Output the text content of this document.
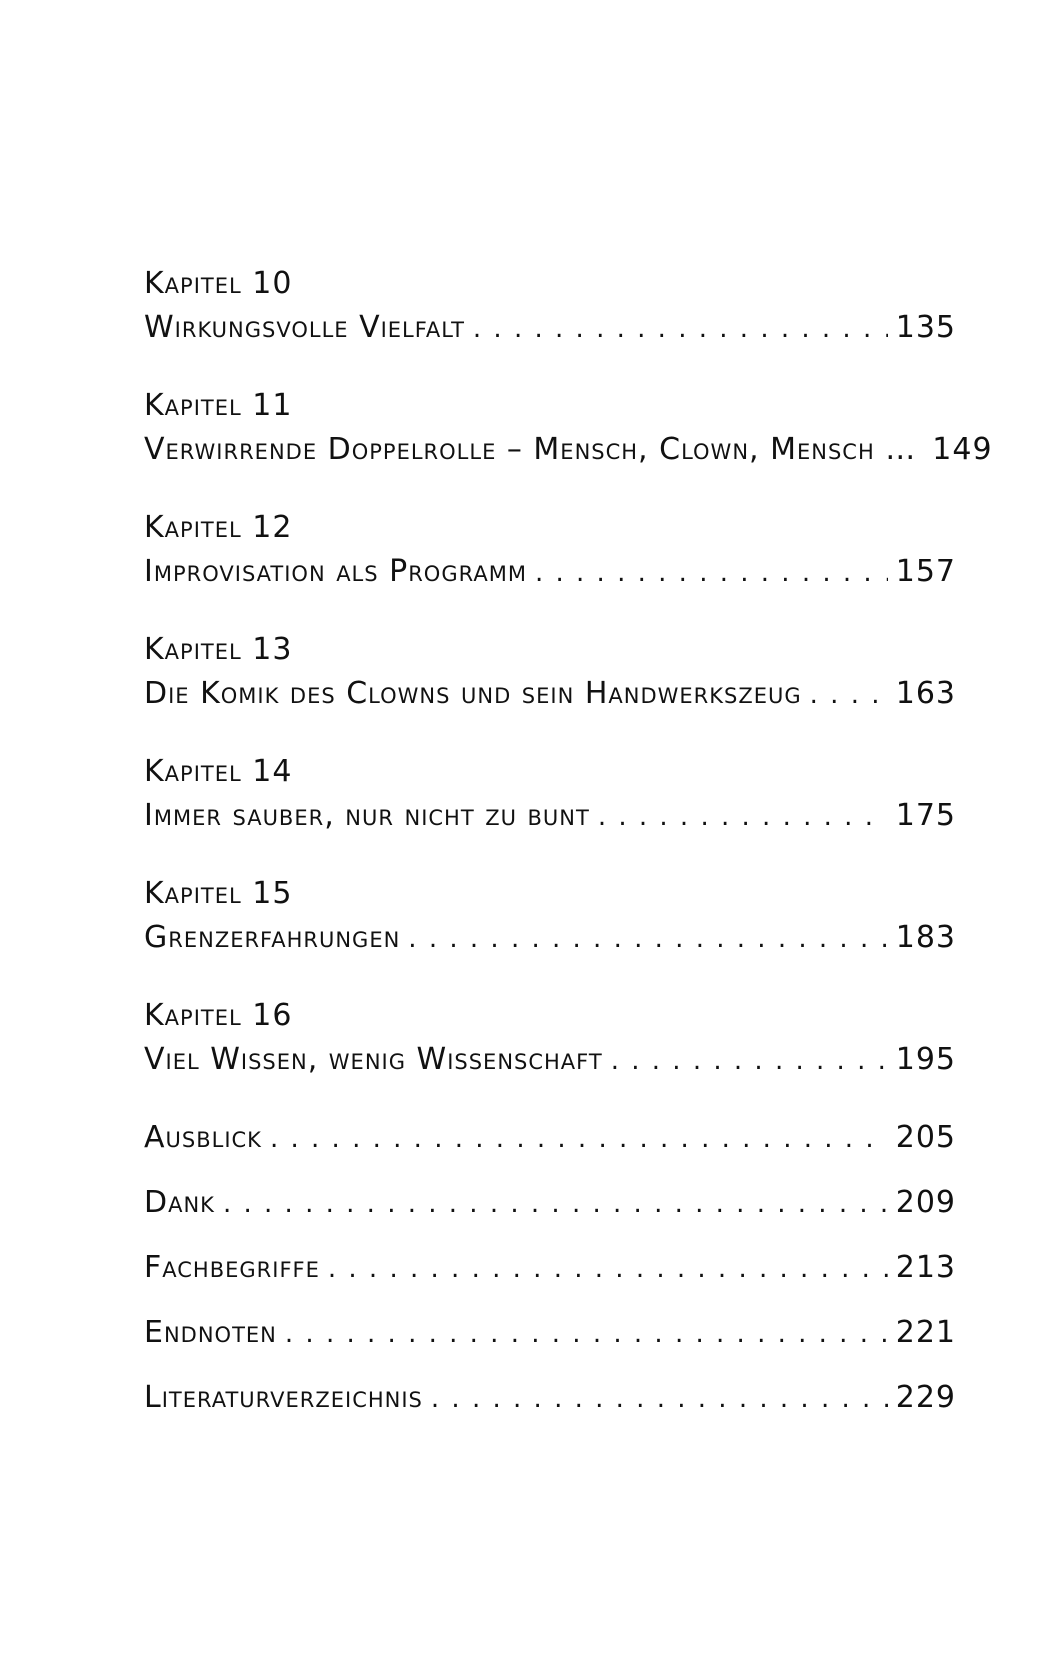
Kapitel 10
Wirkungsvolle Vielfalt . . .	135
Kapitel 11
Verwirrende Doppelrolle – Mensch, Clown, Mensch … 149
Kapitel 12
Improvisation als Programm . . .	157
Kapitel 13
Die Komik des Clowns und sein Handwerkszeug . . .	163
Kapitel 14
Immer sauber, nur nicht zu bunt . . .	175
Kapitel 15
Grenzerfahrungen . . .	183
Kapitel 16
Viel Wissen, wenig Wissenschaft . . .	195
Ausblick . . .	205
Dank . . .	209
Fachbegriffe . . .	213
Endnoten . . .	221
Literaturverzeichnis . . .	229
